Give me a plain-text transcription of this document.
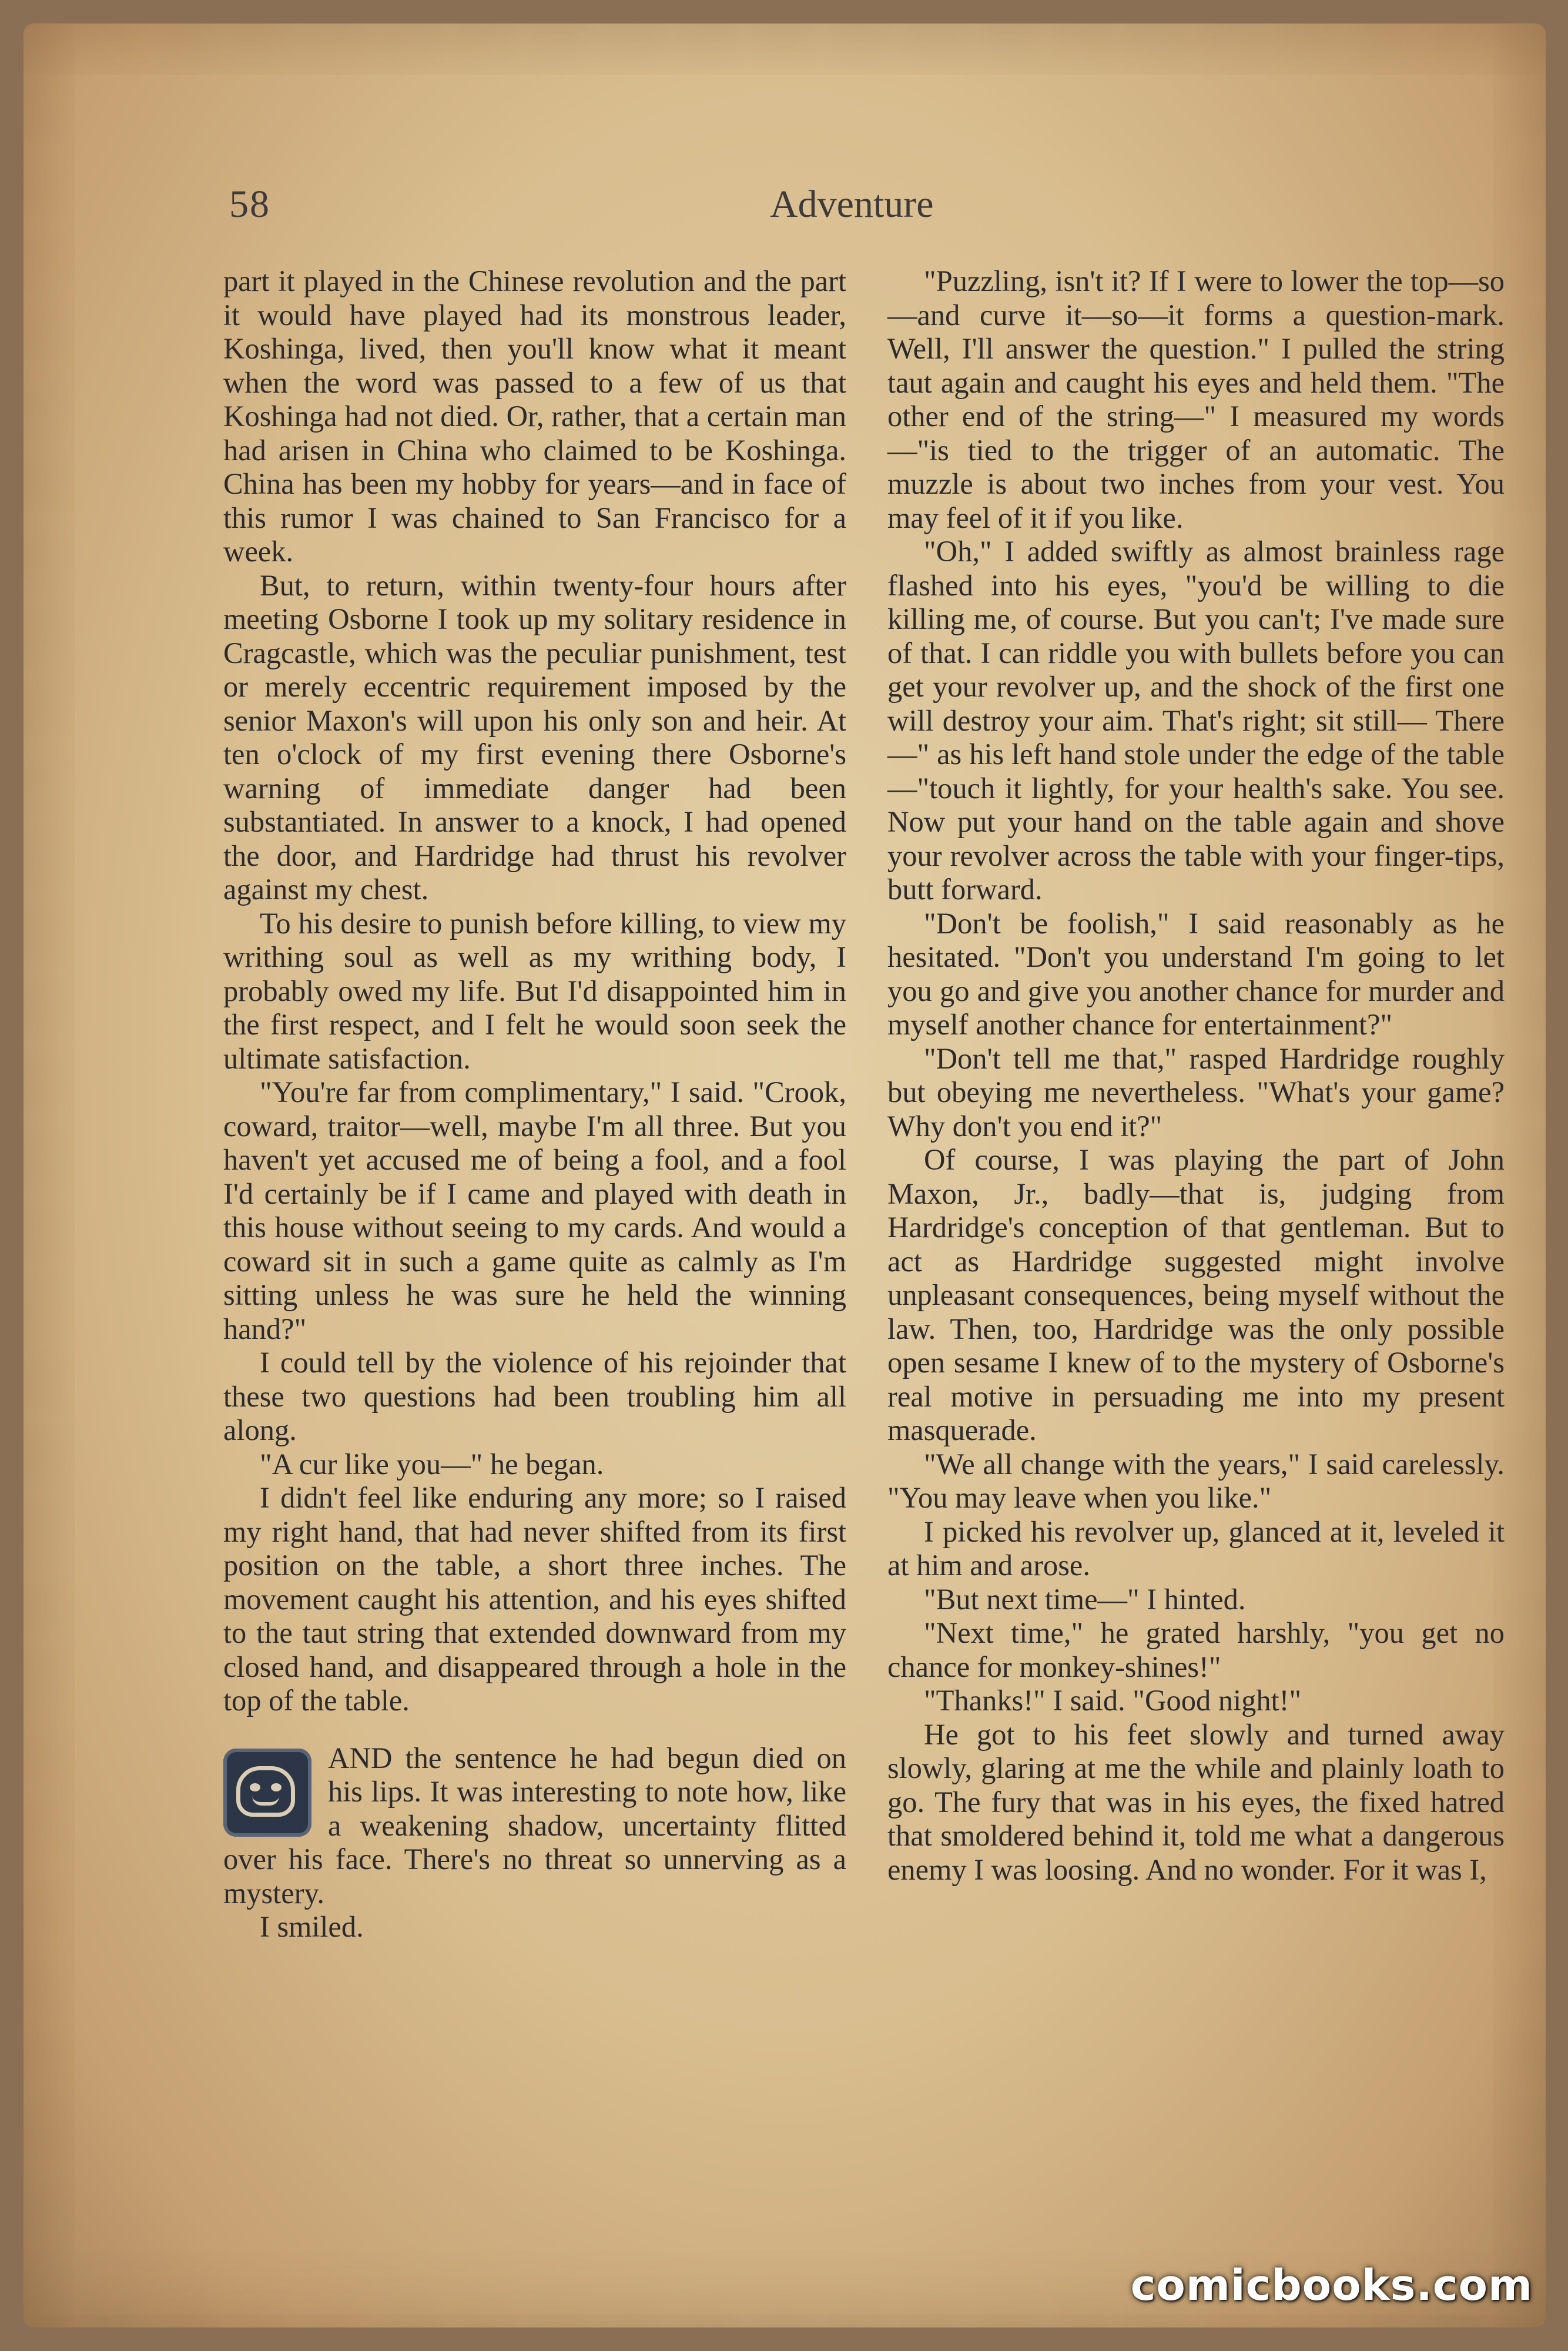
58	Adventure

part it played in the Chinese revolution and the part it would have played had its monstrous leader, Koshinga, lived, then you'll know what it meant when the word was passed to a few of us that Koshinga had not died. Or, rather, that a certain man had arisen in China who claimed to be Koshinga. China has been my hobby for years—and in face of this rumor I was chained to San Francisco for a week.

But, to return, within twenty-four hours after meeting Osborne I took up my solitary residence in Cragcastle, which was the peculiar punishment, test or merely eccentric requirement imposed by the senior Maxon's will upon his only son and heir. At ten o'clock of my first evening there Osborne's warning of immediate danger had been substantiated. In answer to a knock, I had opened the door, and Hardridge had thrust his revolver against my chest.

To his desire to punish before killing, to view my writhing soul as well as my writhing body, I probably owed my life. But I'd disappointed him in the first respect, and I felt he would soon seek the ultimate satisfaction.

"You're far from complimentary," I said. "Crook, coward, traitor—well, maybe I'm all three. But you haven't yet accused me of being a fool, and a fool I'd certainly be if I came and played with death in this house without seeing to my cards. And would a coward sit in such a game quite as calmly as I'm sitting unless he was sure he held the winning hand?"

I could tell by the violence of his rejoinder that these two questions had been troubling him all along.

"A cur like you—" he began.

I didn't feel like enduring any more; so I raised my right hand, that had never shifted from its first position on the table, a short three inches. The movement caught his attention, and his eyes shifted to the taut string that extended downward from my closed hand, and disappeared through a hole in the top of the table.

AND the sentence he had begun died on his lips. It was interesting to note how, like a weakening shadow, uncertainty flitted over his face. There's no threat so unnerving as a mystery.

I smiled.

"Puzzling, isn't it? If I were to lower the top—so—and curve it—so—it forms a question-mark. Well, I'll answer the question." I pulled the string taut again and caught his eyes and held them. "The other end of the string—" I measured my words—"is tied to the trigger of an automatic. The muzzle is about two inches from your vest. You may feel of it if you like.

"Oh," I added swiftly as almost brainless rage flashed into his eyes, "you'd be willing to die killing me, of course. But you can't; I've made sure of that. I can riddle you with bullets before you can get your revolver up, and the shock of the first one will destroy your aim. That's right; sit still— There—" as his left hand stole under the edge of the table—"touch it lightly, for your health's sake. You see. Now put your hand on the table again and shove your revolver across the table with your finger-tips, butt forward.

"Don't be foolish," I said reasonably as he hesitated. "Don't you understand I'm going to let you go and give you another chance for murder and myself another chance for entertainment?"

"Don't tell me that," rasped Hardridge roughly but obeying me nevertheless. "What's your game? Why don't you end it?"

Of course, I was playing the part of John Maxon, Jr., badly—that is, judging from Hardridge's conception of that gentleman. But to act as Hardridge suggested might involve unpleasant consequences, being myself without the law. Then, too, Hardridge was the only possible open sesame I knew of to the mystery of Osborne's real motive in persuading me into my present masquerade.

"We all change with the years," I said carelessly. "You may leave when you like."

I picked his revolver up, glanced at it, leveled it at him and arose.

"But next time—" I hinted.

"Next time," he grated harshly, "you get no chance for monkey-shines!"

"Thanks!" I said. "Good night!"

He got to his feet slowly and turned away slowly, glaring at me the while and plainly loath to go. The fury that was in his eyes, the fixed hatred that smoldered behind it, told me what a dangerous enemy I was loosing. And no wonder. For it was I,

comicbooks.com
